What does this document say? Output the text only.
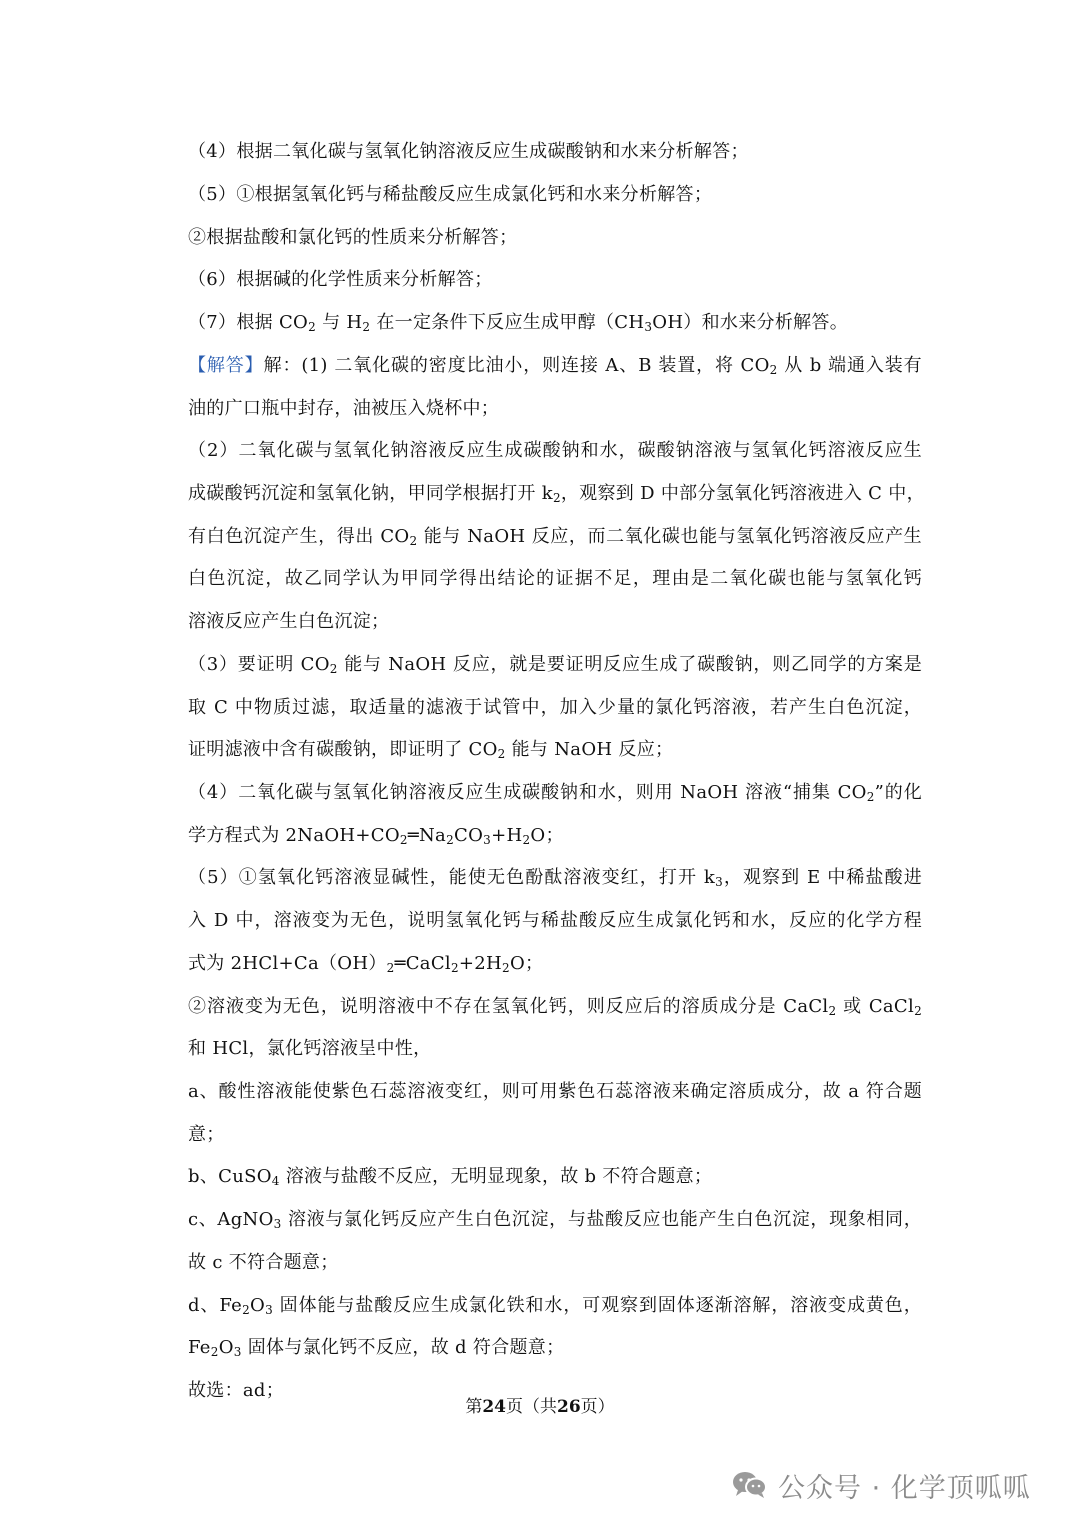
（4）根据二氧化碳与氢氧化钠溶液反应生成碳酸钠和水来分析解答；
（5）①根据氢氧化钙与稀盐酸反应生成氯化钙和水来分析解答；
②根据盐酸和氯化钙的性质来分析解答；
（6）根据碱的化学性质来分析解答；
（7）根据 $CO_2$ 与 $H_2$ 在一定条件下反应生成甲醇$(CH_3OH)$和水来分析解答。
【解答】解：(1) 二氧化碳的密度比油小，则连接 A、B 装置，将 $CO_2$ 从 b 端通入装有
油的广口瓶中封存，油被压入烧杯中；
（2）二氧化碳与氢氧化钠溶液反应生成碳酸钠和水，碳酸钠溶液与氢氧化钙溶液反应生
成碳酸钙沉淀和氢氧化钠，甲同学根据打开 $k_2$，观察到 D 中部分氢氧化钙溶液进入 C 中，
有白色沉淀产生，得出 $CO_2$ 能与 NaOH 反应，而二氧化碳也能与氢氧化钙溶液反应产生
白色沉淀，故乙同学认为甲同学得出结论的证据不足，理由是二氧化碳也能与氢氧化钙
溶液反应产生白色沉淀；
（3）要证明 $CO_2$ 能与 NaOH 反应，就是要证明反应生成了碳酸钠，则乙同学的方案是
取 C 中物质过滤，取适量的滤液于试管中，加入少量的氯化钙溶液，若产生白色沉淀，
证明滤液中含有碳酸钠，即证明了 $CO_2$ 能与 NaOH 反应；
（4）二氧化碳与氢氧化钠溶液反应生成碳酸钠和水，则用 NaOH 溶液“捕集 $CO_2$”的化
学方程式为 $2NaOH+CO_2═Na_2CO_3+H_2O$；
（5）①氢氧化钙溶液显碱性，能使无色酚酞溶液变红，打开 $k_3$，观察到 E 中稀盐酸进
入 D 中，溶液变为无色，说明氢氧化钙与稀盐酸反应生成氯化钙和水，反应的化学方程
式为 $2HCl+Ca(OH)_2═CaCl_2+2H_2O$；
②溶液变为无色，说明溶液中不存在氢氧化钙，则反应后的溶质成分是 CaCl$_2$ 或 CaCl$_2$
和 HCl，氯化钙溶液呈中性，
a、酸性溶液能使紫色石蕊溶液变红，则可用紫色石蕊溶液来确定溶质成分，故 a 符合题
意；
b、CuSO$_4$ 溶液与盐酸不反应，无明显现象，故 b 不符合题意；
c、AgNO$_3$ 溶液与氯化钙反应产生白色沉淀，与盐酸反应也能产生白色沉淀，现象相同，
故 c 不符合题意；
d、$Fe_2O_3$ 固体能与盐酸反应生成氯化铁和水，可观察到固体逐渐溶解，溶液变成黄色，
$Fe_2O_3$ 固体与氯化钙不反应，故 d 符合题意；
故选：ad；
第24页（共26页）
公众号 · 化学顶呱呱
